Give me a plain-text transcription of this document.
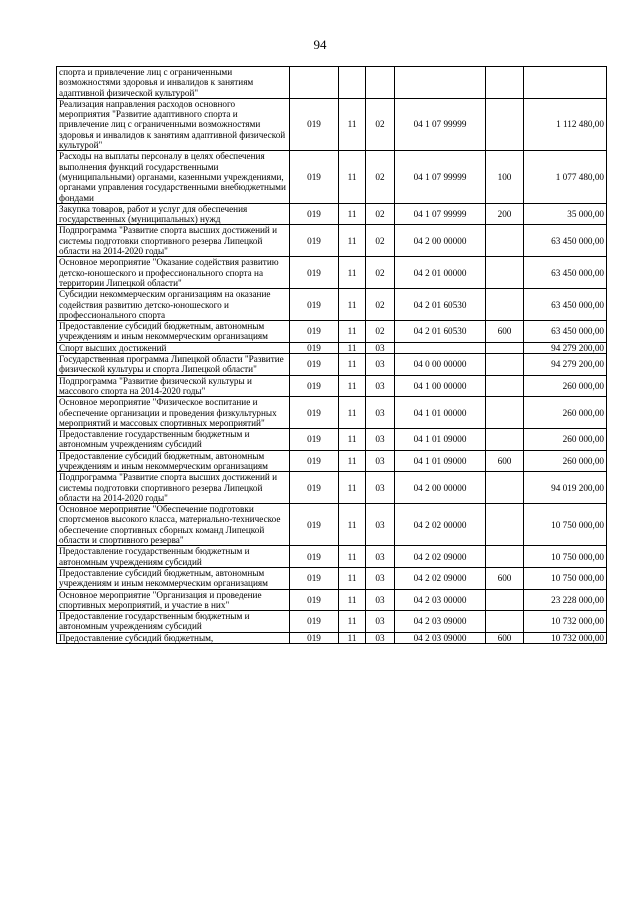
94
спорта и привлечение лиц с ограниченными возможностями здоровья и инвалидов к занятиям адаптивной физической культурой"						
Реализация направления расходов основного мероприятия "Развитие адаптивного спорта и привлечение лиц с ограниченными возможностями здоровья и инвалидов к занятиям адаптивной физической культурой"	019	11	02	04 1 07 99999		1 112 480,00
Расходы на выплаты персоналу в целях обеспечения выполнения функций государственными (муниципальными) органами, казенными учреждениями, органами управления государственными внебюджетными фондами	019	11	02	04 1 07 99999	100	1 077 480,00
Закупка товаров, работ и услуг для обеспечения государственных (муниципальных) нужд	019	11	02	04 1 07 99999	200	35 000,00
Подпрограмма "Развитие спорта высших достижений и системы подготовки спортивного резерва Липецкой области на 2014-2020 годы"	019	11	02	04 2 00 00000		63 450 000,00
Основное мероприятие "Оказание содействия развитию детско-юношеского и профессионального спорта на территории Липецкой области"	019	11	02	04 2 01 00000		63 450 000,00
Субсидии некоммерческим организациям на оказание содействия развитию детско-юношеского и профессионального спорта	019	11	02	04 2 01 60530		63 450 000,00
Предоставление субсидий бюджетным, автономным учреждениям и иным некоммерческим организациям	019	11	02	04 2 01 60530	600	63 450 000,00
Спорт высших достижений	019	11	03			94 279 200,00
Государственная программа Липецкой области "Развитие физической культуры и спорта Липецкой области"	019	11	03	04 0 00 00000		94 279 200,00
Подпрограмма "Развитие физической культуры и массового спорта на 2014-2020 годы"	019	11	03	04 1 00 00000		260 000,00
Основное мероприятие "Физическое воспитание и обеспечение организации и проведения физкультурных мероприятий и массовых спортивных мероприятий"	019	11	03	04 1 01 00000		260 000,00
Предоставление государственным бюджетным и автономным учреждениям субсидий	019	11	03	04 1 01 09000		260 000,00
Предоставление субсидий бюджетным, автономным учреждениям и иным некоммерческим организациям	019	11	03	04 1 01 09000	600	260 000,00
Подпрограмма "Развитие спорта высших достижений и системы подготовки спортивного резерва Липецкой области на 2014-2020 годы"	019	11	03	04 2 00 00000		94 019 200,00
Основное мероприятие "Обеспечение подготовки спортсменов высокого класса, материально-техническое обеспечение спортивных сборных команд Липецкой области и спортивного резерва"	019	11	03	04 2 02 00000		10 750 000,00
Предоставление государственным бюджетным и автономным учреждениям субсидий	019	11	03	04 2 02 09000		10 750 000,00
Предоставление субсидий бюджетным, автономным учреждениям и иным некоммерческим организациям	019	11	03	04 2 02 09000	600	10 750 000,00
Основное мероприятие "Организация и проведение спортивных мероприятий, и участие в них"	019	11	03	04 2 03 00000		23 228 000,00
Предоставление государственным бюджетным и автономным учреждениям субсидий	019	11	03	04 2 03 09000		10 732 000,00
Предоставление субсидий бюджетным,	019	11	03	04 2 03 09000	600	10 732 000,00
